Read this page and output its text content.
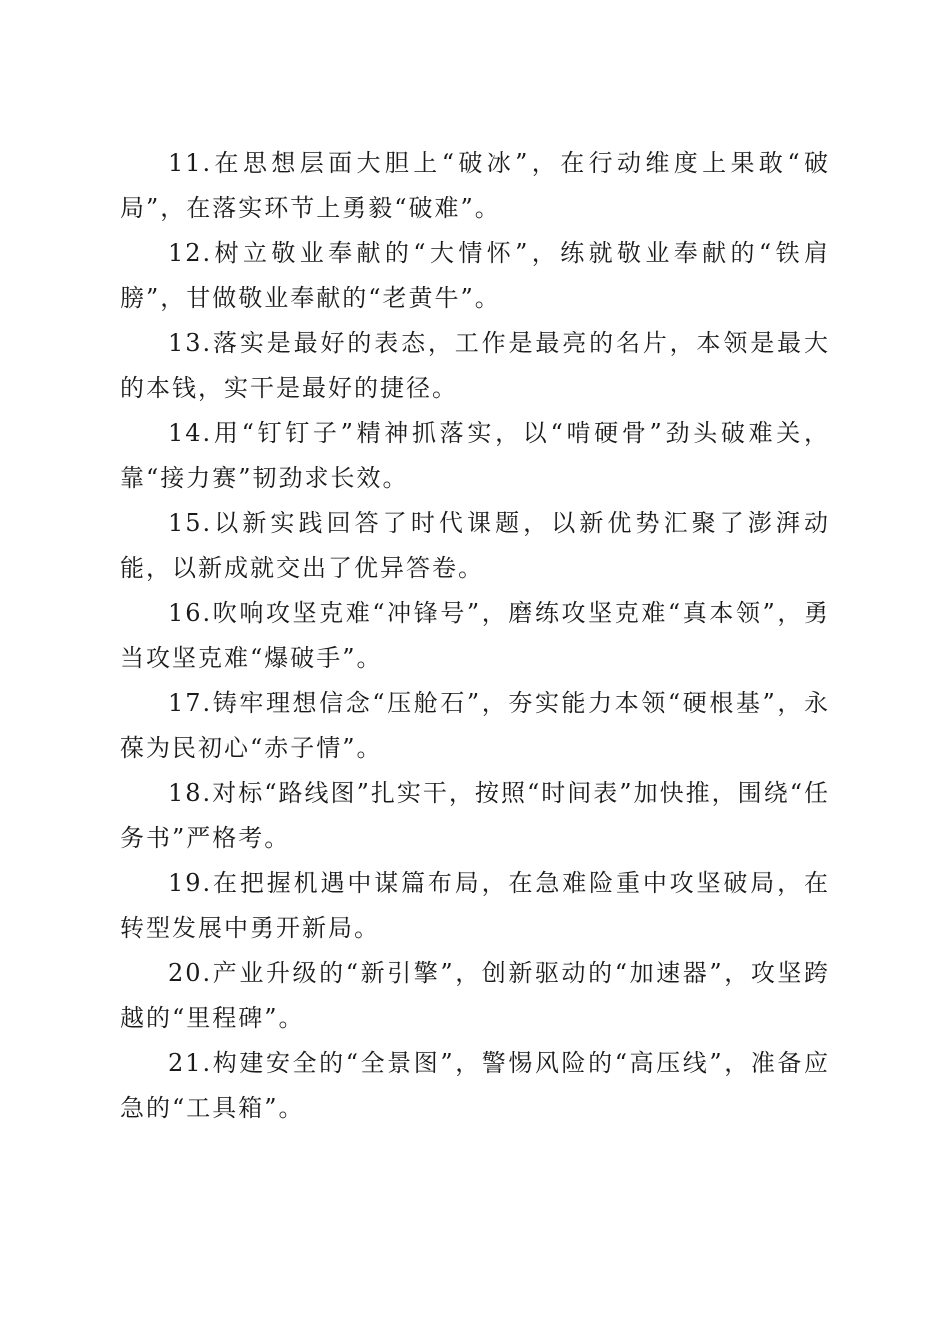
11.在思想层面大胆上“破冰”，在行动维度上果敢“破局”，在落实环节上勇毅“破难”。

12.树立敬业奉献的“大情怀”，练就敬业奉献的“铁肩膀”，甘做敬业奉献的“老黄牛”。

13.落实是最好的表态，工作是最亮的名片，本领是最大的本钱，实干是最好的捷径。

14.用“钉钉子”精神抓落实，以“啃硬骨”劲头破难关，靠“接力赛”韧劲求长效。

15.以新实践回答了时代课题，以新优势汇聚了澎湃动能，以新成就交出了优异答卷。

16.吹响攻坚克难“冲锋号”，磨练攻坚克难“真本领”，勇当攻坚克难“爆破手”。

17.铸牢理想信念“压舱石”，夯实能力本领“硬根基”，永葆为民初心“赤子情”。

18.对标“路线图”扎实干，按照“时间表”加快推，围绕“任务书”严格考。

19.在把握机遇中谋篇布局，在急难险重中攻坚破局，在转型发展中勇开新局。

20.产业升级的“新引擎”，创新驱动的“加速器”，攻坚跨越的“里程碑”。

21.构建安全的“全景图”，警惕风险的“高压线”，准备应急的“工具箱”。
